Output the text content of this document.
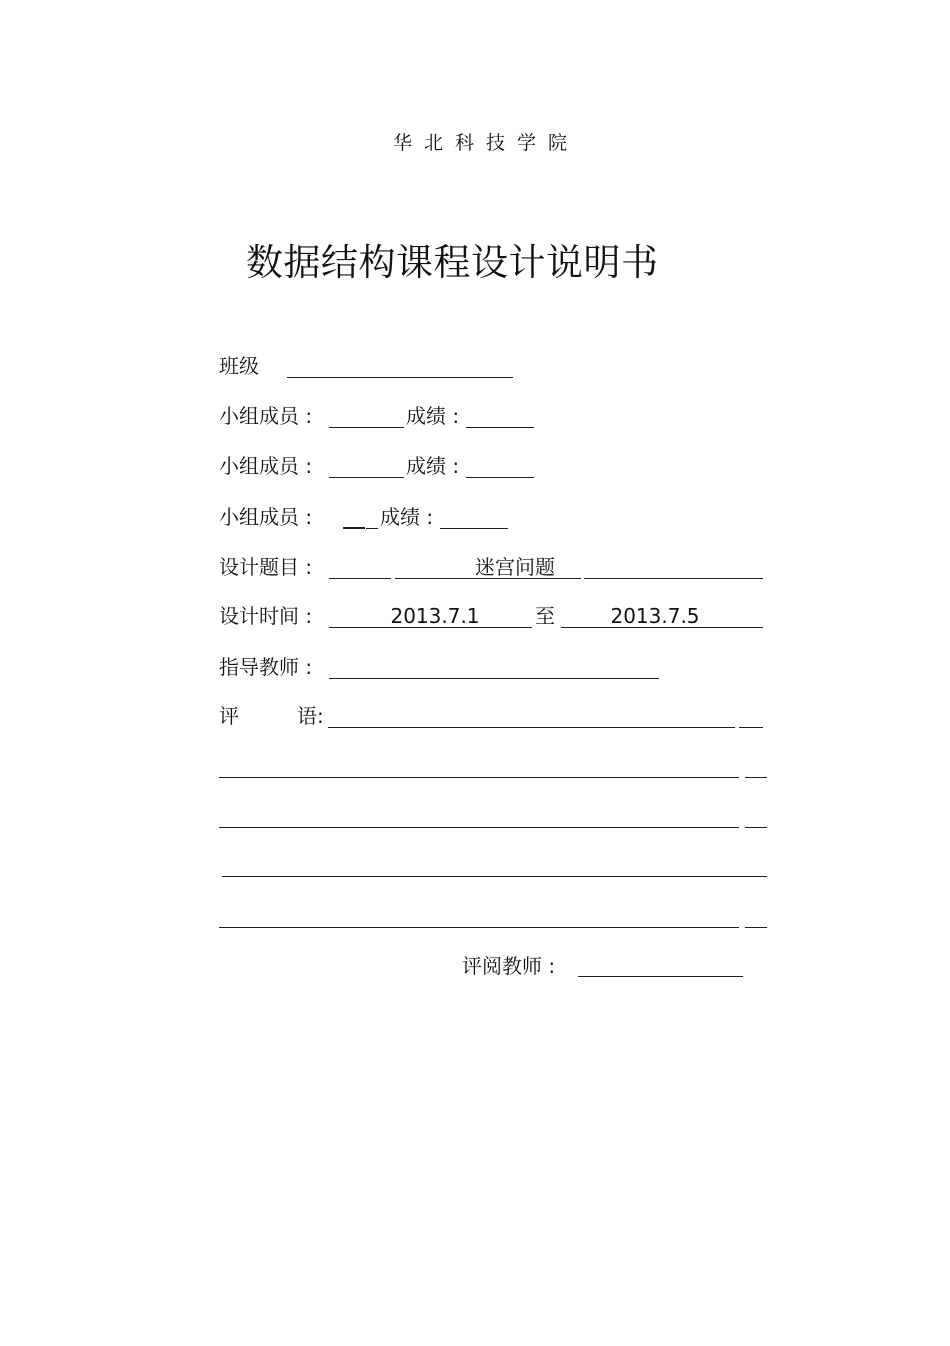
华北科技学院
数据结构课程设计说明书
班级
小组成员 :	成绩 :
小组成员 :	成绩 :
小组成员 :	成绩 :
设计题目 :	迷宫问题
设计时间 :	2013.7.1	至	2013.7.5
指导教师 :
评	语:
评阅教师 :
